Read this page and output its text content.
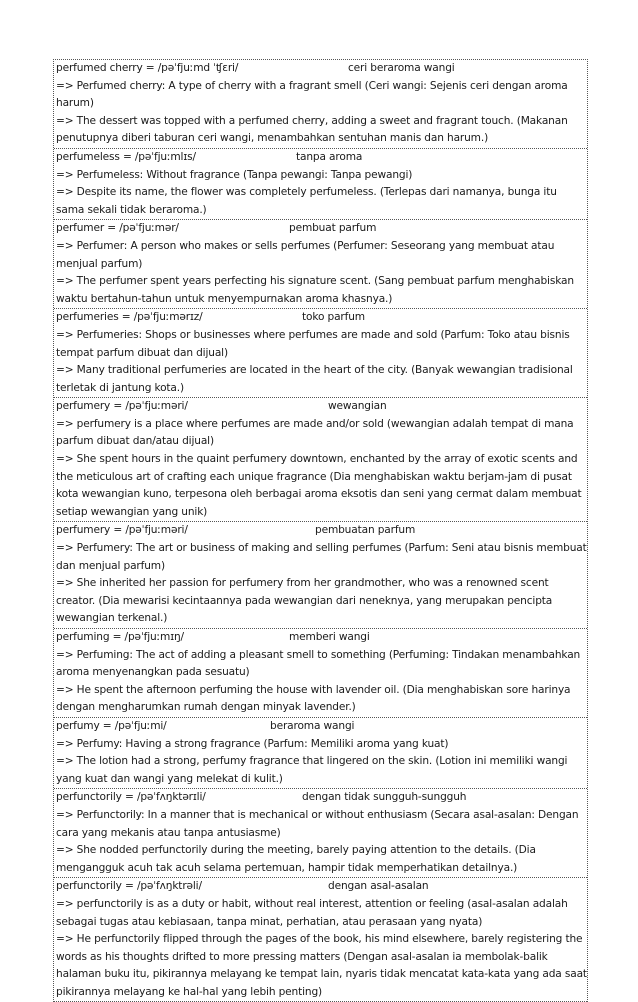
perfumed cherry = /pəˈfjuːmd ˈʧɛri/	ceri beraroma wangi
=> Perfumed cherry: A type of cherry with a fragrant smell (Ceri wangi: Sejenis ceri dengan aroma harum)
=> The dessert was topped with a perfumed cherry, adding a sweet and fragrant touch. (Makanan penutupnya diberi taburan ceri wangi, menambahkan sentuhan manis dan harum.)
perfumeless = /pəˈfjuːmlɪs/	tanpa aroma
=> Perfumeless: Without fragrance (Tanpa pewangi: Tanpa pewangi)
=> Despite its name, the flower was completely perfumeless. (Terlepas dari namanya, bunga itu sama sekali tidak beraroma.)
perfumer = /pəˈfjuːmər/	pembuat parfum
=> Perfumer: A person who makes or sells perfumes (Perfumer: Seseorang yang membuat atau menjual parfum)
=> The perfumer spent years perfecting his signature scent. (Sang pembuat parfum menghabiskan waktu bertahun-tahun untuk menyempurnakan aroma khasnya.)
perfumeries = /pəˈfjuːmərɪz/	toko parfum
=> Perfumeries: Shops or businesses where perfumes are made and sold (Parfum: Toko atau bisnis tempat parfum dibuat dan dijual)
=> Many traditional perfumeries are located in the heart of the city. (Banyak wewangian tradisional terletak di jantung kota.)
perfumery = /pəˈfjuːməri/	wewangian
=> perfumery is a place where perfumes are made and/or sold (wewangian adalah tempat di mana parfum dibuat dan/atau dijual)
=> She spent hours in the quaint perfumery downtown, enchanted by the array of exotic scents and the meticulous art of crafting each unique fragrance (Dia menghabiskan waktu berjam-jam di pusat kota wewangian kuno, terpesona oleh berbagai aroma eksotis dan seni yang cermat dalam membuat setiap wewangian yang unik)
perfumery = /pəˈfjuːməri/	pembuatan parfum
=> Perfumery: The art or business of making and selling perfumes (Parfum: Seni atau bisnis membuat dan menjual parfum)
=> She inherited her passion for perfumery from her grandmother, who was a renowned scent creator. (Dia mewarisi kecintaannya pada wewangian dari neneknya, yang merupakan pencipta wewangian terkenal.)
perfuming = /pəˈfjuːmɪŋ/	memberi wangi
=> Perfuming: The act of adding a pleasant smell to something (Perfuming: Tindakan menambahkan aroma menyenangkan pada sesuatu)
=> He spent the afternoon perfuming the house with lavender oil. (Dia menghabiskan sore harinya dengan mengharumkan rumah dengan minyak lavender.)
perfumy = /pəˈfjuːmi/	beraroma wangi
=> Perfumy: Having a strong fragrance (Parfum: Memiliki aroma yang kuat)
=> The lotion had a strong, perfumy fragrance that lingered on the skin. (Lotion ini memiliki wangi yang kuat dan wangi yang melekat di kulit.)
perfunctorily = /pəˈfʌŋktərɪli/	dengan tidak sungguh-sungguh
=> Perfunctorily: In a manner that is mechanical or without enthusiasm (Secara asal-asalan: Dengan cara yang mekanis atau tanpa antusiasme)
=> She nodded perfunctorily during the meeting, barely paying attention to the details. (Dia mengangguk acuh tak acuh selama pertemuan, hampir tidak memperhatikan detailnya.)
perfunctorily = /pəˈfʌŋktrəli/	dengan asal-asalan
=> perfunctorily is as a duty or habit, without real interest, attention or feeling (asal-asalan adalah sebagai tugas atau kebiasaan, tanpa minat, perhatian, atau perasaan yang nyata)
=> He perfunctorily flipped through the pages of the book, his mind elsewhere, barely registering the words as his thoughts drifted to more pressing matters (Dengan asal-asalan ia membolak-balik halaman buku itu, pikirannya melayang ke tempat lain, nyaris tidak mencatat kata-kata yang ada saat pikirannya melayang ke hal-hal yang lebih penting)
